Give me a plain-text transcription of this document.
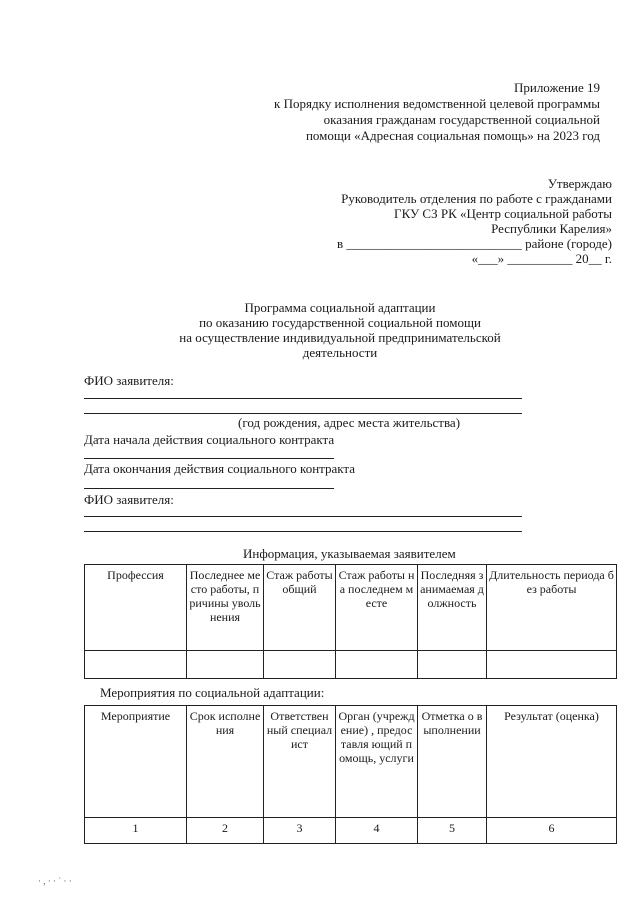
Приложение 19
к Порядку исполнения ведомственной целевой программы
оказания гражданам государственной социальной
помощи «Адресная социальная помощь» на 2023 год
Утверждаю
Руководитель отделения по работе с гражданами
ГКУ СЗ РК «Центр социальной работы
Республики Карелия»
в ___________________________ районе (городе)
«___» __________ 20__ г.
Программа социальной адаптации
по оказанию государственной социальной помощи
на осуществление индивидуальной предпринимательской
деятельности
ФИО заявителя:
(год рождения, адрес места жительства)
Дата начала действия социального контракта
Дата окончания действия социального контракта
ФИО заявителя:
Информация, указываемая заявителем
Профессия	Последнее место работы, причины увольнения	Стаж работы общий	Стаж работы на последнем месте	Последняя занимаемая должность	Длительность периода без работы

Мероприятия по социальной адаптации:
Мероприятие	Срок исполнения	Ответствен ный специалист	Орган (учреждение) , предоставля ющий помощь, услуги	Отметка о выполнении	Результат (оценка)
1	2	3	4	5	6
· , · · ˙ · ·
